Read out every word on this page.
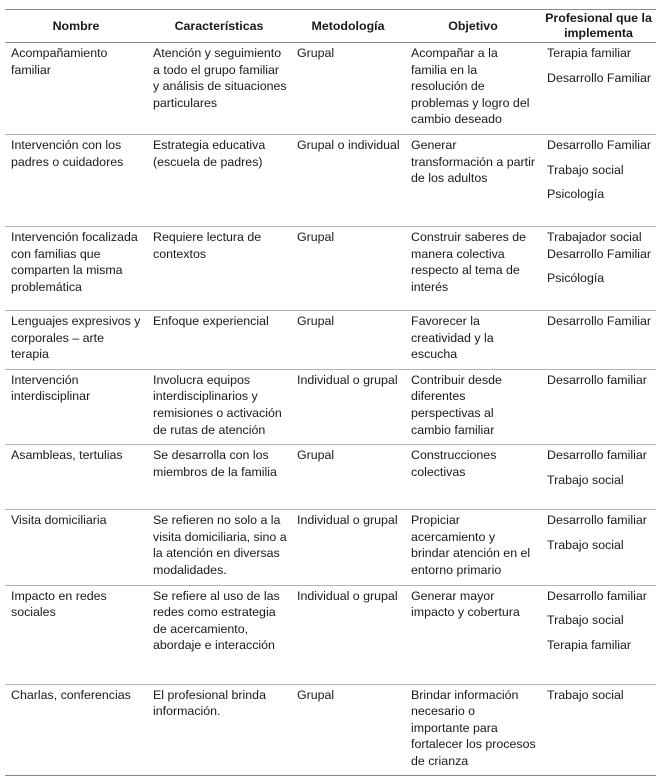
Nombre	Características	Metodología	Objetivo	Profesional que la implementa
Acompañamiento familiar	Atención y seguimiento a todo el grupo familiar y análisis de situaciones particulares	Grupal	Acompañar a la familia en la resolución de problemas y logro del cambio deseado	Terapia familiar
Desarrollo Familiar

Intervención con los padres o cuidadores	Estrategia educativa (escuela de padres)	Grupal o individual	Generar transformación a partir de los adultos	Desarrollo Familiar
Trabajo social
Psicología

Intervención focalizada con familias que comparten la misma problemática	Requiere lectura de contextos	Grupal	Construir saberes de manera colectiva respecto al tema de interés	Trabajador social
Desarrollo Familiar
Psicólogía

Lenguajes expresivos y corporales – arte terapia	Enfoque experiencial	Grupal	Favorecer la creatividad y la escucha	Desarrollo Familiar

Intervención interdisciplinar	Involucra equipos interdisciplinarios y remisiones o activación de rutas de atención	Individual o grupal	Contribuir desde diferentes perspectivas al cambio familiar	Desarrollo familiar

Asambleas, tertulias	Se desarrolla con los miembros de la familia	Grupal	Construcciones colectivas	Desarrollo familiar
Trabajo social

Visita domiciliaria	Se refieren no solo a la visita domiciliaria, sino a la atención en diversas modalidades.	Individual o grupal	Propiciar acercamiento y brindar atención en el entorno primario	Desarrollo familiar
Trabajo social

Impacto en redes sociales	Se refiere al uso de las redes como estrategia de acercamiento, abordaje e interacción	Individual o grupal	Generar mayor impacto y cobertura	Desarrollo familiar
Trabajo social
Terapia familiar

Charlas, conferencias	El profesional brinda información.	Grupal	Brindar información necesario o importante para fortalecer los procesos de crianza	Trabajo social
